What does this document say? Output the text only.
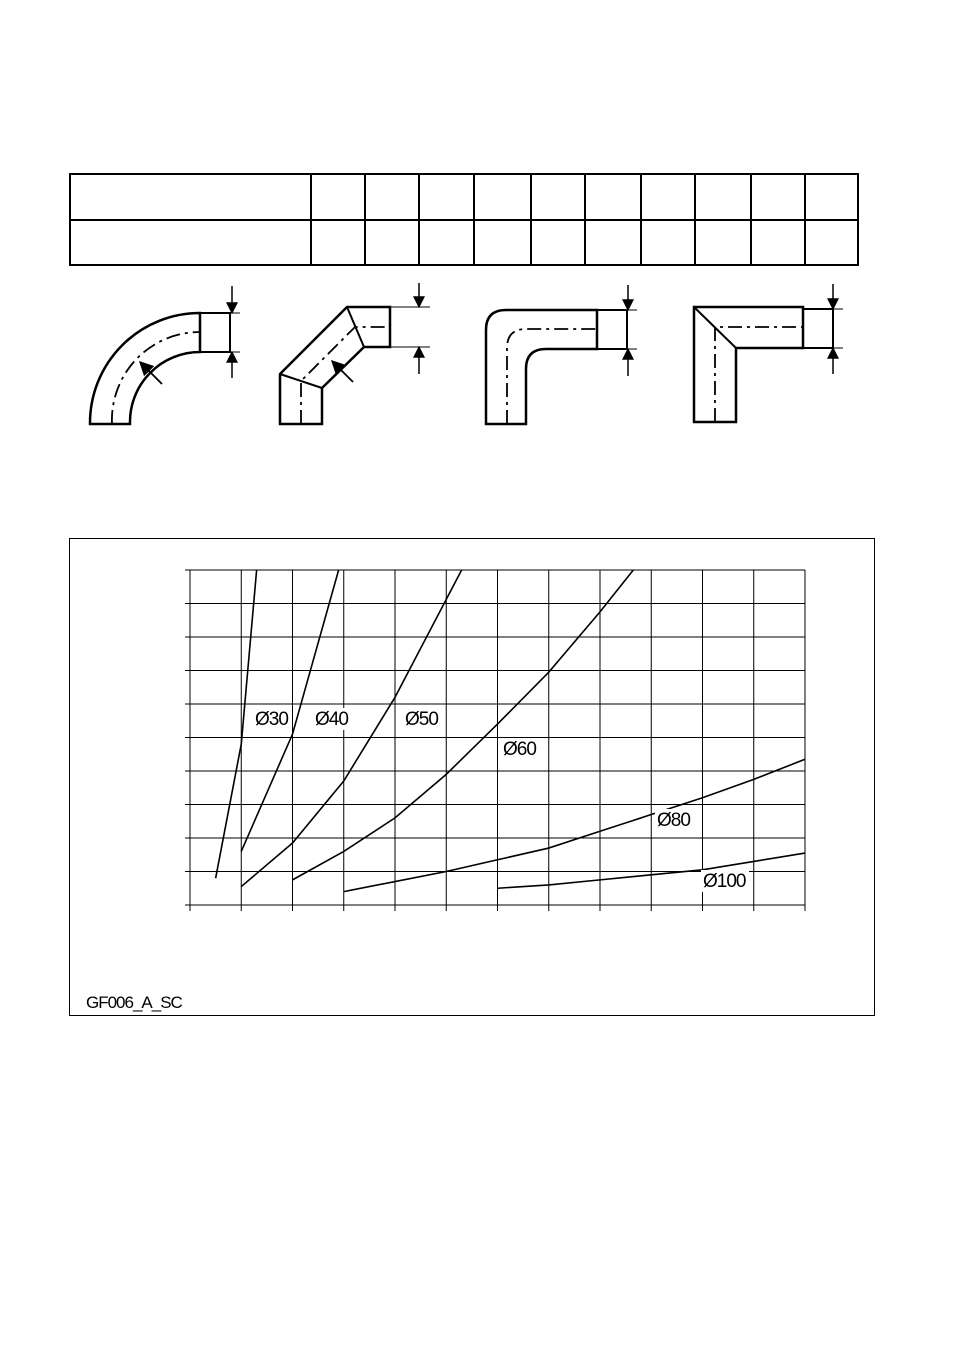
Ø30 Ø40	Ø50
Ø60
Ø80
Ø100
GF006_A_SC
